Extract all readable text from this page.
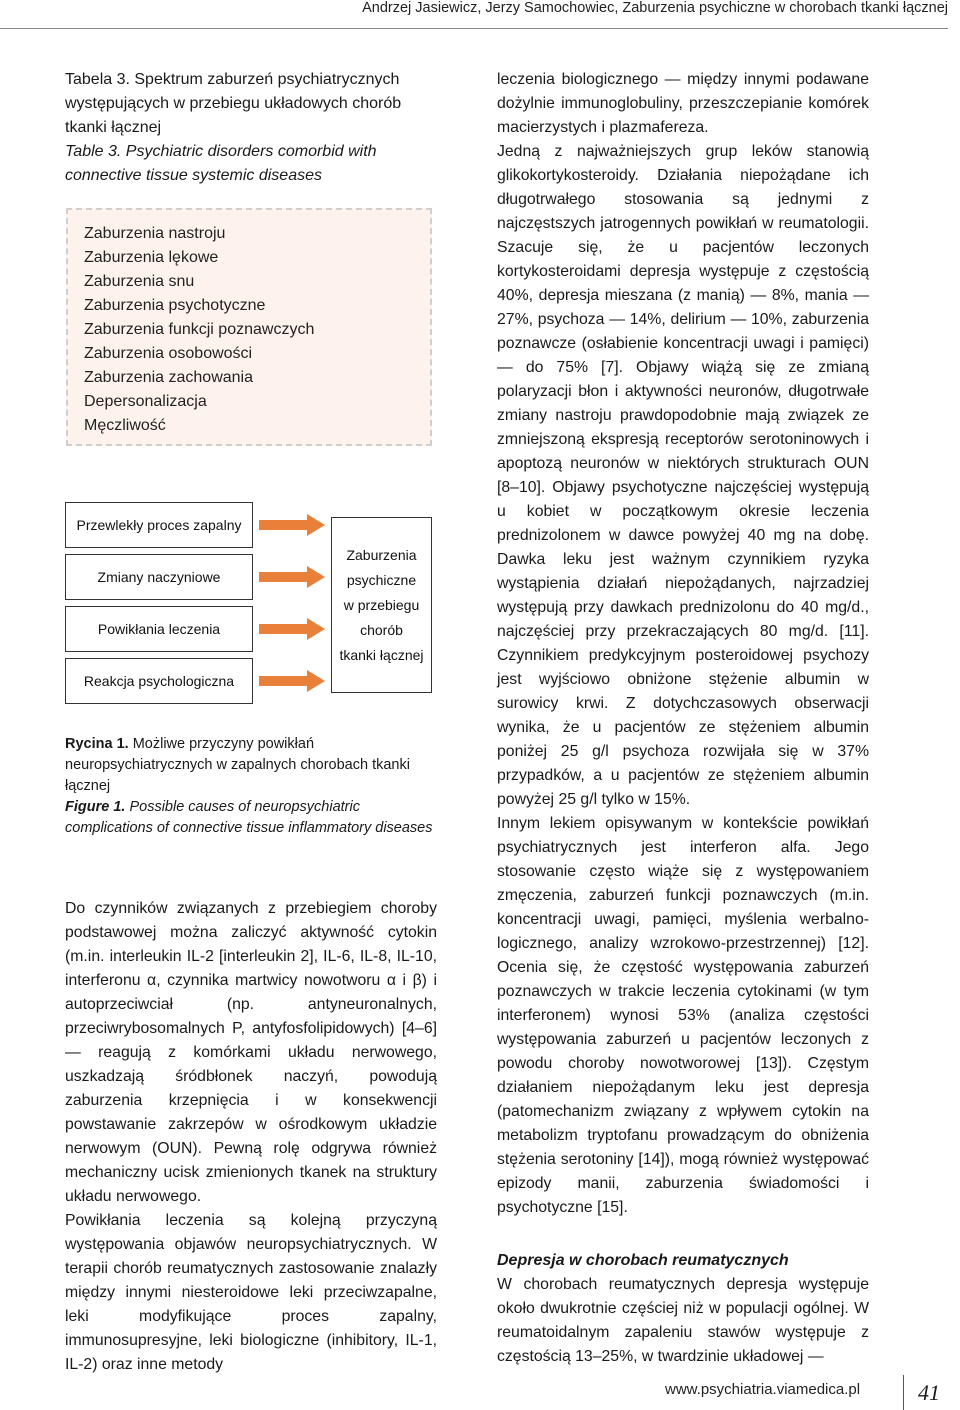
Andrzej Jasiewicz, Jerzy Samochowiec, Zaburzenia psychiczne w chorobach tkanki łącznej

Tabela 3. Spektrum zaburzeń psychiatrycznych występujących w przebiegu układowych chorób tkanki łącznej

Table 3. Psychiatric disorders comorbid with connective tissue systemic diseases

Zaburzenia nastroju
Zaburzenia lękowe
Zaburzenia snu
Zaburzenia psychotyczne
Zaburzenia funkcji poznawczych
Zaburzenia osobowości
Zaburzenia zachowania
Depersonalizacja
Męczliwość
Przewlekły proces zapalny
Zmiany naczyniowe
Powikłania leczenia
Reakcja psychologiczna
Zaburzenia
psychiczne
w przebiegu
chorób
tkanki łącznej

Rycina 1. Możliwe przyczyny powikłań neuropsychiatrycznych w zapalnych chorobach tkanki łącznej

Figure 1. Possible causes of neuropsychiatric complications of connective tissue inflammatory diseases

Do czynników związanych z przebiegiem choroby podstawowej można zaliczyć aktywność cytokin (m.in. interleukin IL-2 [interleukin 2], IL-6, IL-8, IL-10, interferonu α, czynnika martwicy nowotworu α i β) i autoprzeciwciał (np. antyneuronalnych, przeciwrybosomalnych P, antyfosfolipidowych) [4–6] — reagują z komórkami układu nerwowego, uszkadzają śródbłonek naczyń, powodują zaburzenia krzepnięcia i w konsekwencji powstawanie zakrzepów w ośrodkowym układzie nerwowym (OUN). Pewną rolę odgrywa również mechaniczny ucisk zmienionych tkanek na struktury układu nerwowego.

Powikłania leczenia są kolejną przyczyną występowania objawów neuropsychiatrycznych. W terapii chorób reumatycznych zastosowanie znalazły między innymi niesteroidowe leki przeciwzapalne, leki modyfikujące proces zapalny, immunosupresyjne, leki biologiczne (inhibitory, IL-1, IL-2) oraz inne metody

leczenia biologicznego — między innymi podawane dożylnie immunoglobuliny, przeszczepianie komórek macierzystych i plazmafereza.

Jedną z najważniejszych grup leków stanowią glikokortykosteroidy. Działania niepożądane ich długotrwałego stosowania są jednymi z najczęstszych jatrogennych powikłań w reumatologii. Szacuje się, że u pacjentów leczonych kortykosteroidami depresja występuje z częstością 40%, depresja mieszana (z manią) — 8%, mania — 27%, psychoza — 14%, delirium — 10%, zaburzenia poznawcze (osłabienie koncentracji uwagi i pamięci) — do 75% [7]. Objawy wiążą się ze zmianą polaryzacji błon i aktywności neuronów, długotrwałe zmiany nastroju prawdopodobnie mają związek ze zmniejszoną ekspresją receptorów serotoninowych i apoptozą neuronów w niektórych strukturach OUN [8–10]. Objawy psychotyczne najczęściej występują u kobiet w początkowym okresie leczenia prednizolonem w dawce powyżej 40 mg na dobę. Dawka leku jest ważnym czynnikiem ryzyka wystąpienia działań niepożądanych, najrzadziej występują przy dawkach prednizolonu do 40 mg/d., najczęściej przy przekraczających 80 mg/d. [11]. Czynnikiem predykcyjnym posteroidowej psychozy jest wyjściowo obniżone stężenie albumin w surowicy krwi. Z dotychczasowych obserwacji wynika, że u pacjentów ze stężeniem albumin poniżej 25 g/l psychoza rozwijała się w 37% przypadków, a u pacjentów ze stężeniem albumin powyżej 25 g/l tylko w 15%.

Innym lekiem opisywanym w kontekście powikłań psychiatrycznych jest interferon alfa. Jego stosowanie często wiąże się z występowaniem zmęczenia, zaburzeń funkcji poznawczych (m.in. koncentracji uwagi, pamięci, myślenia werbalno-logicznego, analizy wzrokowo-przestrzennej) [12]. Ocenia się, że częstość występowania zaburzeń poznawczych w trakcie leczenia cytokinami (w tym interferonem) wynosi 53% (analiza częstości występowania zaburzeń u pacjentów leczonych z powodu choroby nowotworowej [13]). Częstym działaniem niepożądanym leku jest depresja (patomechanizm związany z wpływem cytokin na metabolizm tryptofanu prowadzącym do obniżenia stężenia serotoniny [14]), mogą również występować epizody manii, zaburzenia świadomości i psychotyczne [15].

Depresja w chorobach reumatycznych

W chorobach reumatycznych depresja występuje około dwukrotnie częściej niż w populacji ogólnej. W reumatoidalnym zapaleniu stawów występuje z częstością 13–25%, w twardzinie układowej —

www.psychiatria.viamedica.pl	41
